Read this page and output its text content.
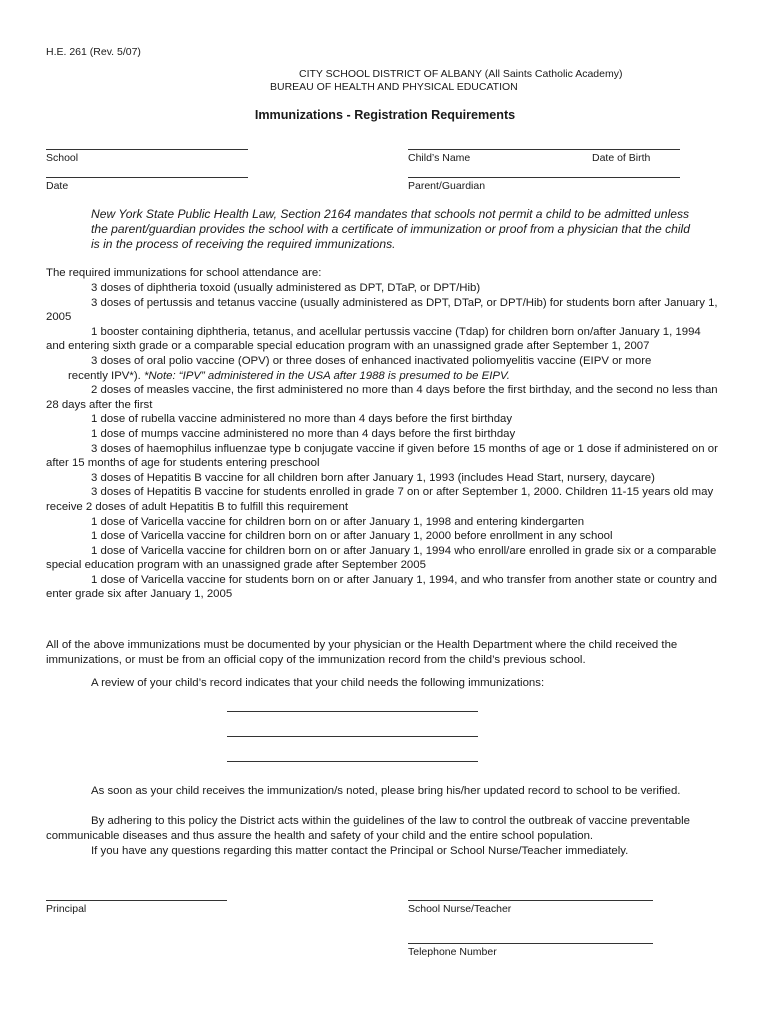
H.E. 261 (Rev. 5/07)
CITY SCHOOL DISTRICT OF ALBANY (All Saints Catholic Academy)
BUREAU OF HEALTH AND PHYSICAL EDUCATION
Immunizations - Registration Requirements
School	Child’s Name	Date of Birth
Date	Parent/Guardian
New York State Public Health Law, Section 2164 mandates that schools not permit a child to be admitted unless the parent/guardian provides the school with a certificate of immunization or proof from a physician that the child is in the process of receiving the required immunizations.
The required immunizations for school attendance are:
3 doses of diphtheria toxoid (usually administered as DPT, DTaP, or DPT/Hib)
3 doses of pertussis and tetanus vaccine (usually administered as DPT, DTaP, or DPT/Hib) for students born after January 1, 2005
1 booster containing diphtheria, tetanus, and acellular pertussis vaccine (Tdap) for children born on/after January 1, 1994 and entering sixth grade or a comparable special education program with an unassigned grade after September 1, 2007
3 doses of oral polio vaccine (OPV) or three doses of enhanced inactivated poliomyelitis vaccine (EIPV or more
recently IPV*). *Note: “IPV” administered in the USA after 1988 is presumed to be EIPV.
2 doses of measles vaccine, the first administered no more than 4 days before the first birthday, and the second no less than 28 days after the first
1 dose of rubella vaccine administered no more than 4 days before the first birthday
1 dose of mumps vaccine administered no more than 4 days before the first birthday
3 doses of haemophilus influenzae type b conjugate vaccine if given before 15 months of age or 1 dose if administered on or after 15 months of age for students entering preschool
3 doses of Hepatitis B vaccine for all children born after January 1, 1993 (includes Head Start, nursery, daycare)
3 doses of Hepatitis B vaccine for students enrolled in grade 7 on or after September 1, 2000. Children 11-15 years old may receive 2 doses of adult Hepatitis B to fulfill this requirement
1 dose of Varicella vaccine for children born on or after January 1, 1998 and entering kindergarten
1 dose of Varicella vaccine for children born on or after January 1, 2000 before enrollment in any school
1 dose of Varicella vaccine for children born on or after January 1, 1994 who enroll/are enrolled in grade six or a comparable special education program with an unassigned grade after September 2005
1 dose of Varicella vaccine for students born on or after January 1, 1994, and who transfer from another state or country and enter grade six after January 1, 2005
All of the above immunizations must be documented by your physician or the Health Department where the child received the immunizations, or must be from an official copy of the immunization record from the child’s previous school.
A review of your child’s record indicates that your child needs the following immunizations:
As soon as your child receives the immunization/s noted, please bring his/her updated record to school to be verified.
By adhering to this policy the District acts within the guidelines of the law to control the outbreak of vaccine preventable communicable diseases and thus assure the health and safety of your child and the entire school population.
If you have any questions regarding this matter contact the Principal or School Nurse/Teacher immediately.
Principal	School Nurse/Teacher
Telephone Number
